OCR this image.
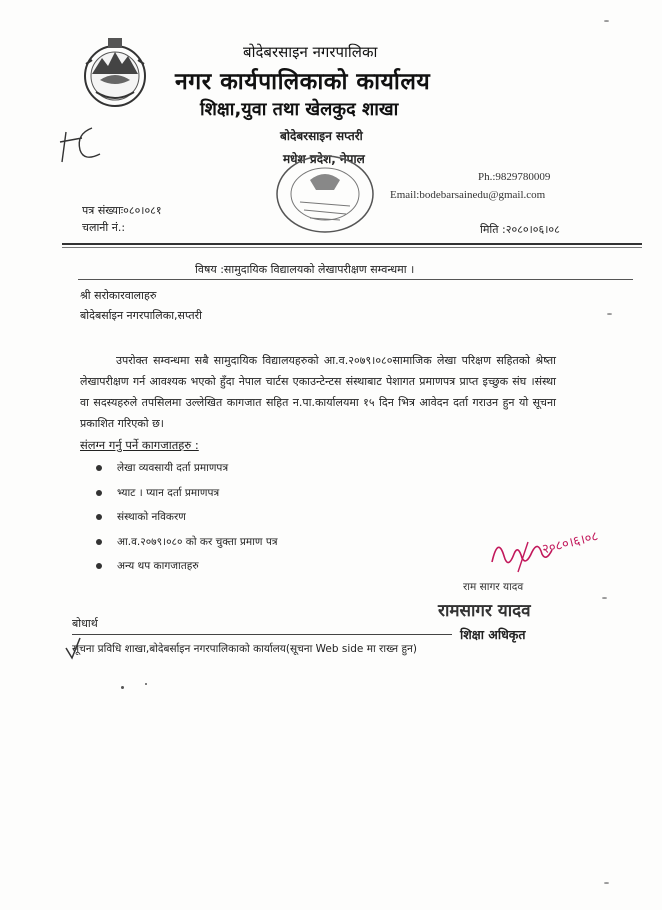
बोदेबरसाइन नगरपालिका
नगर कार्यपालिकाको कार्यालय
शिक्षा,युवा तथा खेलकुद शाखा
बोदेबरसाइन सप्तरी
मधेश प्रदेश, नेपाल
Ph.:9829780009
Email:bodebarsainedu@gmail.com
पत्र संख्याः०८०।०८१
चलानी नं.:	मिति :२०८०।०६।०८
विषय :सामुदायिक विद्यालयको लेखापरीक्षण सम्वन्धमा ।
श्री सरोकारवालाहरु
बोदेबर्साइन नगरपालिका,सप्तरी
उपरोक्त सम्वन्धमा सबै सामुदायिक विद्यालयहरुको आ.व.२०७९।०८०सामाजिक लेखा परिक्षण सहितको श्रेष्ता लेखापरीक्षण गर्न आवश्यक भएको हुँदा नेपाल चार्टस एकाउन्टेन्टस संस्थाबाट पेशागत प्रमाणपत्र प्राप्त इच्छुक संघ ।संस्था वा सदस्यहरुले तपसिलमा उल्लेखित कागजात सहित न.पा.कार्यालयमा १५ दिन भित्र आवेदन दर्ता गराउन हुन यो सूचना प्रकाशित गरिएको छ।
संलग्न गर्नु पर्ने कागजातहरु :
लेखा व्यवसायी दर्ता प्रमाणपत्र
भ्याट । प्यान दर्ता प्रमाणपत्र
संस्थाको नविकरण
आ.व.२०७९।०८० को कर चुक्ता प्रमाण पत्र
अन्य थप कागजातहरु
२०८०।६।०८
राम सागर यादव
रामसागर यादव
शिक्षा अधिकृत
बोधार्थ
सूचना प्रविधि शाखा,बोदेबर्साइन नगरपालिकाको कार्यालय(सूचना Web side मा राख्न हुन)
